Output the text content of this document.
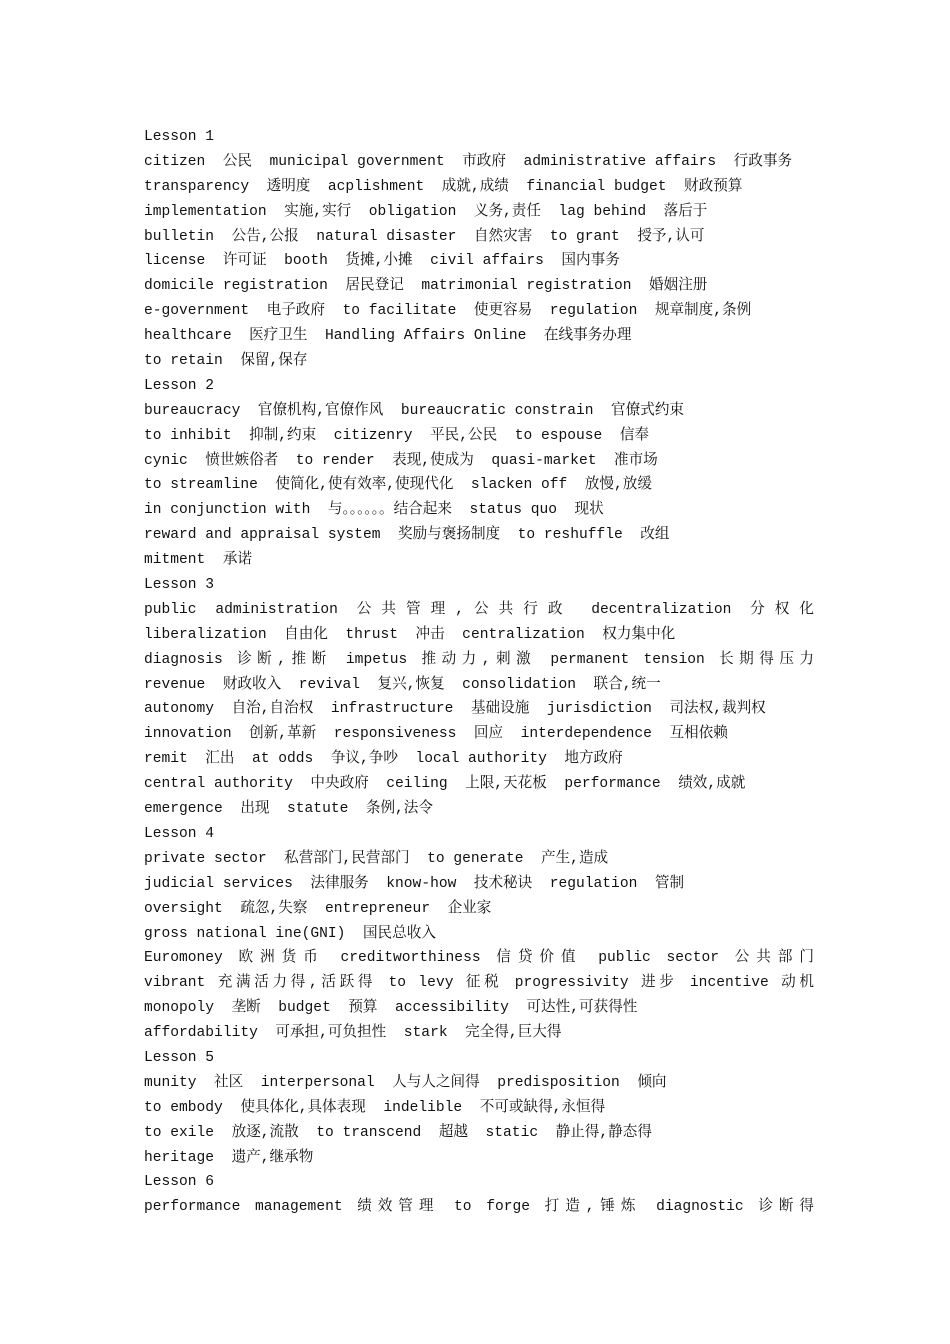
Lesson 1
citizen  公民  municipal government  市政府  administrative affairs  行政事务
transparency  透明度  acplishment  成就,成绩  financial budget  财政预算
implementation  实施,实行  obligation  义务,责任  lag behind  落后于
bulletin  公告,公报  natural disaster  自然灾害  to grant  授予,认可
license  许可证  booth  货摊,小摊  civil affairs  国内事务
domicile registration  居民登记  matrimonial registration  婚姻注册
e-government  电子政府  to facilitate  使更容易  regulation  规章制度,条例
healthcare  医疗卫生  Handling Affairs Online  在线事务办理
to retain  保留,保存
Lesson 2
bureaucracy  官僚机构,官僚作风  bureaucratic constrain  官僚式约束
to inhibit  抑制,约束  citizenry  平民,公民  to espouse  信奉
cynic  愤世嫉俗者  to render  表现,使成为  quasi-market  准市场
to streamline  使简化,使有效率,使现代化  slacken off  放慢,放缓
in conjunction with  与。。。。。。结合起来  status quo  现状
reward and appraisal system  奖励与褒扬制度  to reshuffle  改组
mitment  承诺
Lesson 3
public administration 公共管理,公共行政 decentralization 分权化
liberalization  自由化  thrust  冲击  centralization  权力集中化
diagnosis 诊断,推断 impetus 推动力,刺激 permanent tension 长期得压力
revenue  财政收入  revival  复兴,恢复  consolidation  联合,统一
autonomy  自治,自治权  infrastructure  基础设施  jurisdiction  司法权,裁判权
innovation  创新,革新  responsiveness  回应  interdependence  互相依赖
remit  汇出  at odds  争议,争吵  local authority  地方政府
central authority  中央政府  ceiling  上限,天花板  performance  绩效,成就
emergence  出现  statute  条例,法令
Lesson 4
private sector  私营部门,民营部门  to generate  产生,造成
judicial services  法律服务  know-how  技术秘诀  regulation  管制
oversight  疏忽,失察  entrepreneur  企业家
gross national ine(GNI)  国民总收入
Euromoney 欧洲货币 creditworthiness 信贷价值 public sector 公共部门
vibrant 充满活力得,活跃得 to levy 征税 progressivity 进步 incentive 动机
monopoly  垄断  budget  预算  accessibility  可达性,可获得性
affordability  可承担,可负担性  stark  完全得,巨大得
Lesson 5
munity  社区  interpersonal  人与人之间得  predisposition  倾向
to embody  使具体化,具体表现  indelible  不可或缺得,永恒得
to exile  放逐,流散  to transcend  超越  static  静止得,静态得
heritage  遗产,继承物
Lesson 6
performance management 绩效管理 to forge 打造,锤炼 diagnostic 诊断得
